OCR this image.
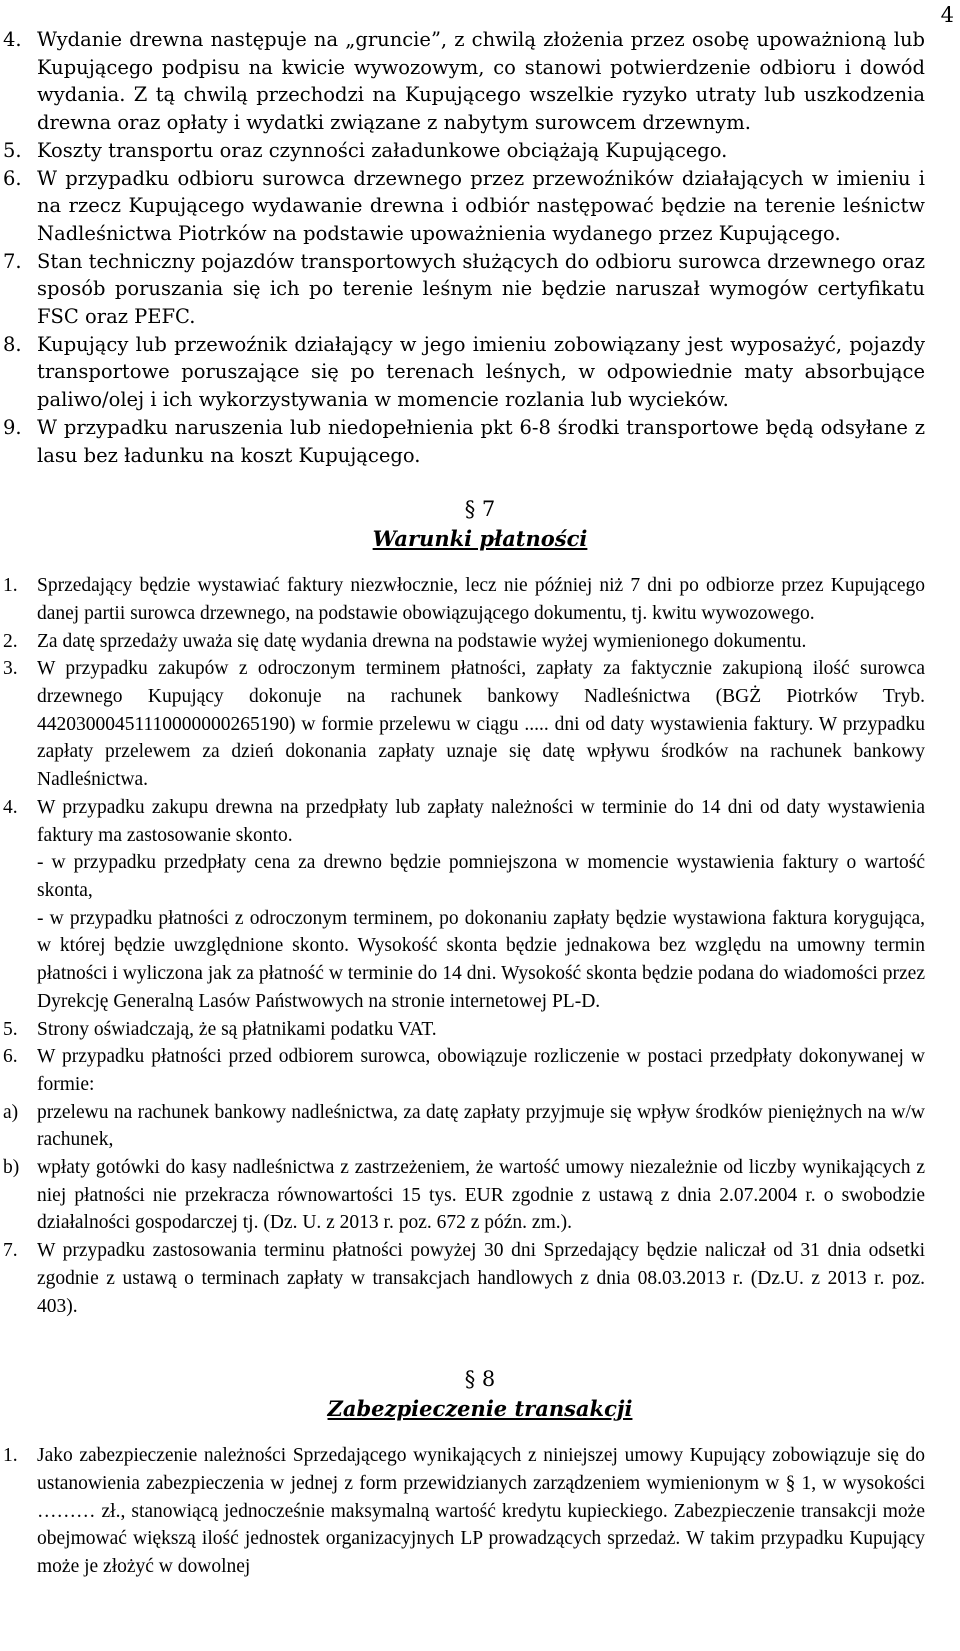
4
4. Wydanie drewna następuje na „gruncie”, z chwilą złożenia przez osobę upoważnioną lub Kupującego podpisu na kwicie wywozowym, co stanowi potwierdzenie odbioru i dowód wydania. Z tą chwilą przechodzi na Kupującego wszelkie ryzyko utraty lub uszkodzenia drewna oraz opłaty i wydatki związane z nabytym surowcem drzewnym.
5. Koszty transportu oraz czynności załadunkowe obciążają Kupującego.
6. W przypadku odbioru surowca drzewnego przez przewoźników działających w imieniu i na rzecz Kupującego wydawanie drewna i odbiór następować będzie na terenie leśnictw Nadleśnictwa Piotrków na podstawie upoważnienia wydanego przez Kupującego.
7. Stan techniczny pojazdów transportowych służących do odbioru surowca drzewnego oraz sposób poruszania się ich po terenie leśnym nie będzie naruszał wymogów certyfikatu FSC oraz PEFC.
8. Kupujący lub przewoźnik działający w jego imieniu zobowiązany jest wyposażyć, pojazdy transportowe poruszające się po terenach leśnych, w odpowiednie maty absorbujące paliwo/olej i ich wykorzystywania w momencie rozlania lub wycieków.
9. W przypadku naruszenia lub niedopełnienia pkt 6-8 środki transportowe będą odsyłane z lasu bez ładunku na koszt Kupującego.
§ 7
Warunki płatności
1. Sprzedający będzie wystawiać faktury niezwłocznie, lecz nie później niż 7 dni po odbiorze przez Kupującego danej partii surowca drzewnego, na podstawie obowiązującego dokumentu, tj. kwitu wywozowego.
2. Za datę sprzedaży uważa się datę wydania drewna na podstawie wyżej wymienionego dokumentu.
3. W przypadku zakupów z odroczonym terminem płatności, zapłaty za faktycznie zakupioną ilość surowca drzewnego Kupujący dokonuje na rachunek bankowy Nadleśnictwa (BGŻ Piotrków Tryb. 44203000451110000000265190) w formie przelewu w ciągu ..... dni od daty wystawienia faktury. W przypadku zapłaty przelewem za dzień dokonania zapłaty uznaje się datę wpływu środków na rachunek bankowy Nadleśnictwa.
4. W przypadku zakupu drewna na przedpłaty lub zapłaty należności w terminie do 14 dni od daty wystawienia faktury ma zastosowanie skonto.
- w przypadku przedpłaty cena za drewno będzie pomniejszona w momencie wystawienia faktury o wartość skonta,
- w przypadku płatności z odroczonym terminem, po dokonaniu zapłaty będzie wystawiona faktura korygująca, w której będzie uwzględnione skonto. Wysokość skonta będzie jednakowa bez względu na umowny termin płatności i wyliczona jak za płatność w terminie do 14 dni. Wysokość skonta będzie podana do wiadomości przez Dyrekcję Generalną Lasów Państwowych na stronie internetowej PL-D.
5. Strony oświadczają, że są płatnikami podatku VAT.
6. W przypadku płatności przed odbiorem surowca, obowiązuje rozliczenie w postaci przedpłaty dokonywanej w formie:
a) przelewu na rachunek bankowy nadleśnictwa, za datę zapłaty przyjmuje się wpływ środków pieniężnych na w/w rachunek,
b) wpłaty gotówki do kasy nadleśnictwa z zastrzeżeniem, że wartość umowy niezależnie od liczby wynikających z niej płatności nie przekracza równowartości 15 tys. EUR zgodnie z ustawą z dnia 2.07.2004 r. o swobodzie działalności gospodarczej tj. (Dz. U. z 2013 r. poz. 672 z późn. zm.).
7. W przypadku zastosowania terminu płatności powyżej 30 dni Sprzedający będzie naliczał od 31 dnia odsetki zgodnie z ustawą o terminach zapłaty w transakcjach handlowych z dnia 08.03.2013 r. (Dz.U. z 2013 r. poz. 403).
§ 8
Zabezpieczenie transakcji
1. Jako zabezpieczenie należności Sprzedającego wynikających z niniejszej umowy Kupujący zobowiązuje się do ustanowienia zabezpieczenia w jednej z form przewidzianych zarządzeniem wymienionym w § 1, w wysokości ……… zł., stanowiącą jednocześnie maksymalną wartość kredytu kupieckiego. Zabezpieczenie transakcji może obejmować większą ilość jednostek organizacyjnych LP prowadzących sprzedaż. W takim przypadku Kupujący może je złożyć w dowolnej
